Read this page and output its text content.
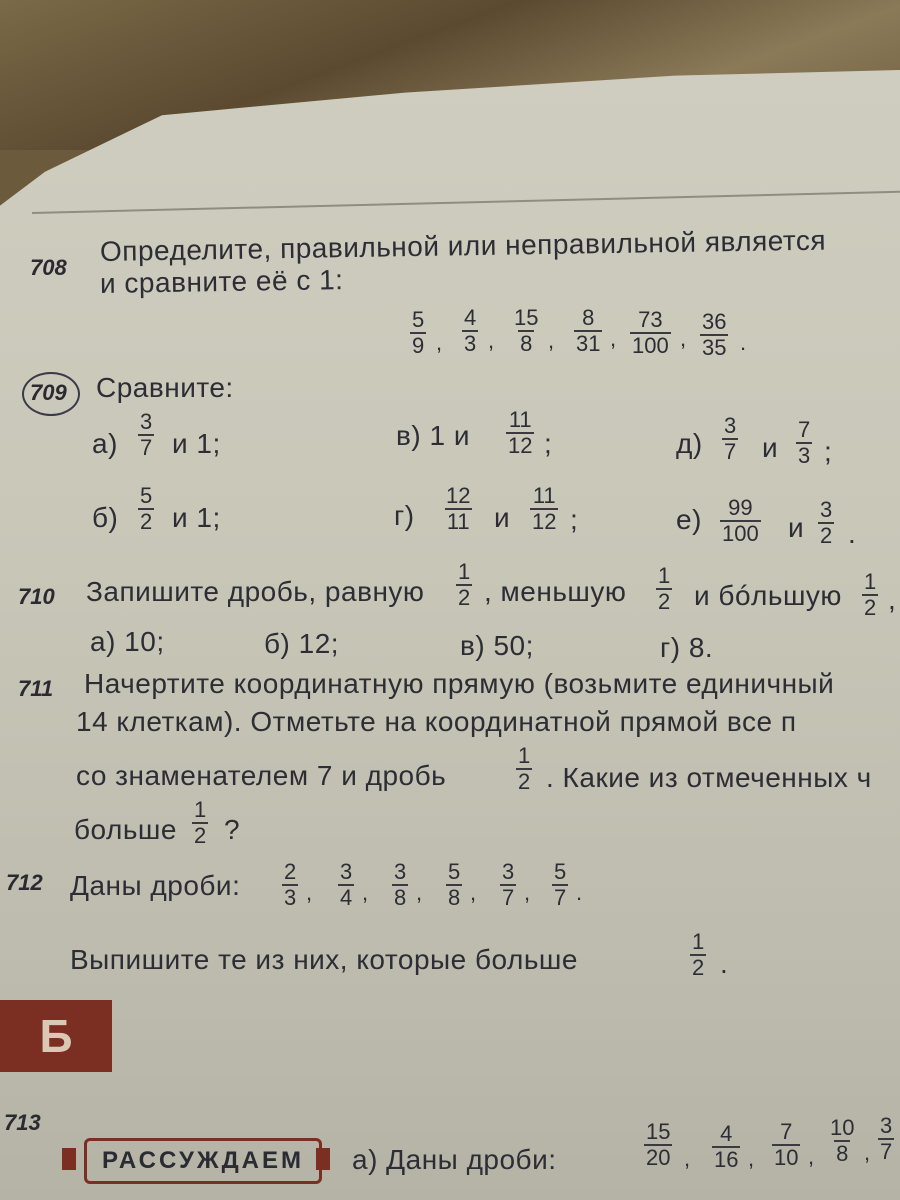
708
Определите, правильной или неправильной является
и сравните её с 1:
$\frac{5}{9}$ , $\frac{4}{3}$ , $\frac{15}{8}$ , $\frac{8}{31}$ , $\frac{73}{100}$ , $\frac{36}{35}$ .
709 Сравните:
$а) \frac{3}{7}$ и 1;
$б) \frac{5}{2}$ и 1;
в) 1 и $\frac{11}{12}$ ;
$г) \frac{12}{11}$ и $\frac{11}{12}$ ;
$д) \frac{3}{7}$ и $\frac{7}{3}$ ;
$е) \frac{99}{100}$ и $\frac{3}{2}$ .
710 Запишите дробь, равную $\frac{1}{2}$ , меньшую $\frac{1}{2}$ и бóльшую $\frac{1}{2}$ ,
а) 10;	б) 12;	в) 50;	г) 8.
711 Начертите координатную прямую (возьмите единичный
14 клеткам). Отметьте на координатной прямой все п
со знаменателем 7 и дробь	$\frac{1}{2}$ . Какие из отмеченных ч
больше $\frac{1}{2}$ ?
712 Даны дроби: $\frac{2}{3} \frac{3}{4} \frac{3}{8} \frac{5}{8} \frac{3}{7} \frac{5}{7}$
, , , , , .
Выпишите те из них, которые больше	$\frac{1}{2}$ .
Б
713
РАССУЖДАЕМ а) Даны дроби:	$\frac{15}{20} \frac{4}{16} \frac{7}{10} \frac{10}{8} \frac{3}{7}$
,	, , ,
